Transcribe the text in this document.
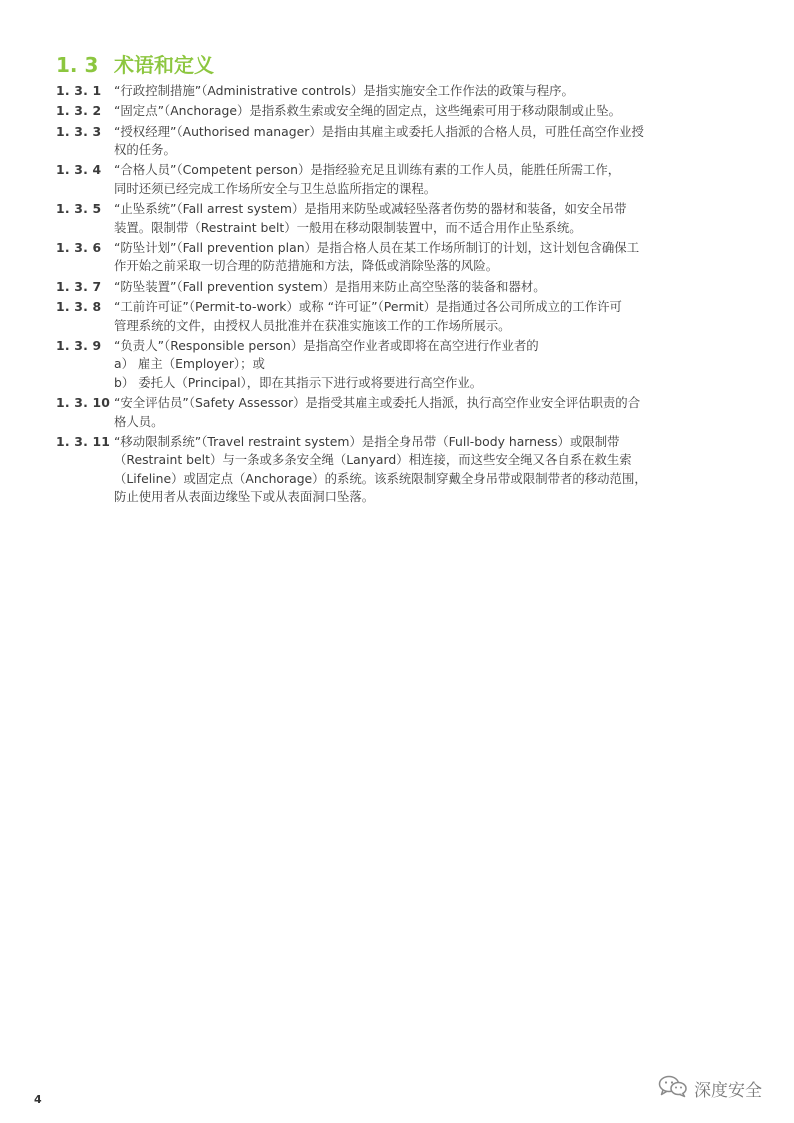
1. 3 术语和定义
1. 3. 1	“行政控制措施”（Administrative controls）是指实施安全工作作法的政策与程序。
1. 3. 2	“固定点”（Anchorage）是指系救生索或安全绳的固定点，这些绳索可用于移动限制或止坠。
1. 3. 3	“授权经理”（Authorised manager）是指由其雇主或委托人指派的合格人员，可胜任高空作业授
权的任务。
1. 3. 4	“合格人员”（Competent person）是指经验充足且训练有素的工作人员，能胜任所需工作，
同时还须已经完成工作场所安全与卫生总监所指定的课程。
1. 3. 5	“止坠系统”（Fall arrest system）是指用来防坠或减轻坠落者伤势的器材和装备，如安全吊带
装置。限制带（Restraint belt）一般用在移动限制装置中，而不适合用作止坠系统。
1. 3. 6	“防坠计划”（Fall prevention plan）是指合格人员在某工作场所制订的计划，这计划包含确保工
作开始之前采取一切合理的防范措施和方法，降低或消除坠落的风险。
1. 3. 7	“防坠装置”（Fall prevention system）是指用来防止高空坠落的装备和器材。
1. 3. 8	“工前许可证”（Permit-to-work）或称 “许可证”（Permit）是指通过各公司所成立的工作许可
管理系统的文件，由授权人员批准并在获准实施该工作的工作场所展示。
1. 3. 9	“负责人”（Responsible person）是指高空作业者或即将在高空进行作业者的
a） 雇主（Employer）；或
b） 委托人（Principal），即在其指示下进行或将要进行高空作业。
1. 3. 10 “安全评估员”（Safety Assessor）是指受其雇主或委托人指派，执行高空作业安全评估职责的合
格人员。
1. 3. 11 “移动限制系统”（Travel restraint system）是指全身吊带（Full-body harness）或限制带
（Restraint belt）与一条或多条安全绳（Lanyard）相连接，而这些安全绳又各自系在救生索
（Lifeline）或固定点（Anchorage）的系统。该系统限制穿戴全身吊带或限制带者的移动范围，
防止使用者从表面边缘坠下或从表面洞口坠落。
4	深度安全
